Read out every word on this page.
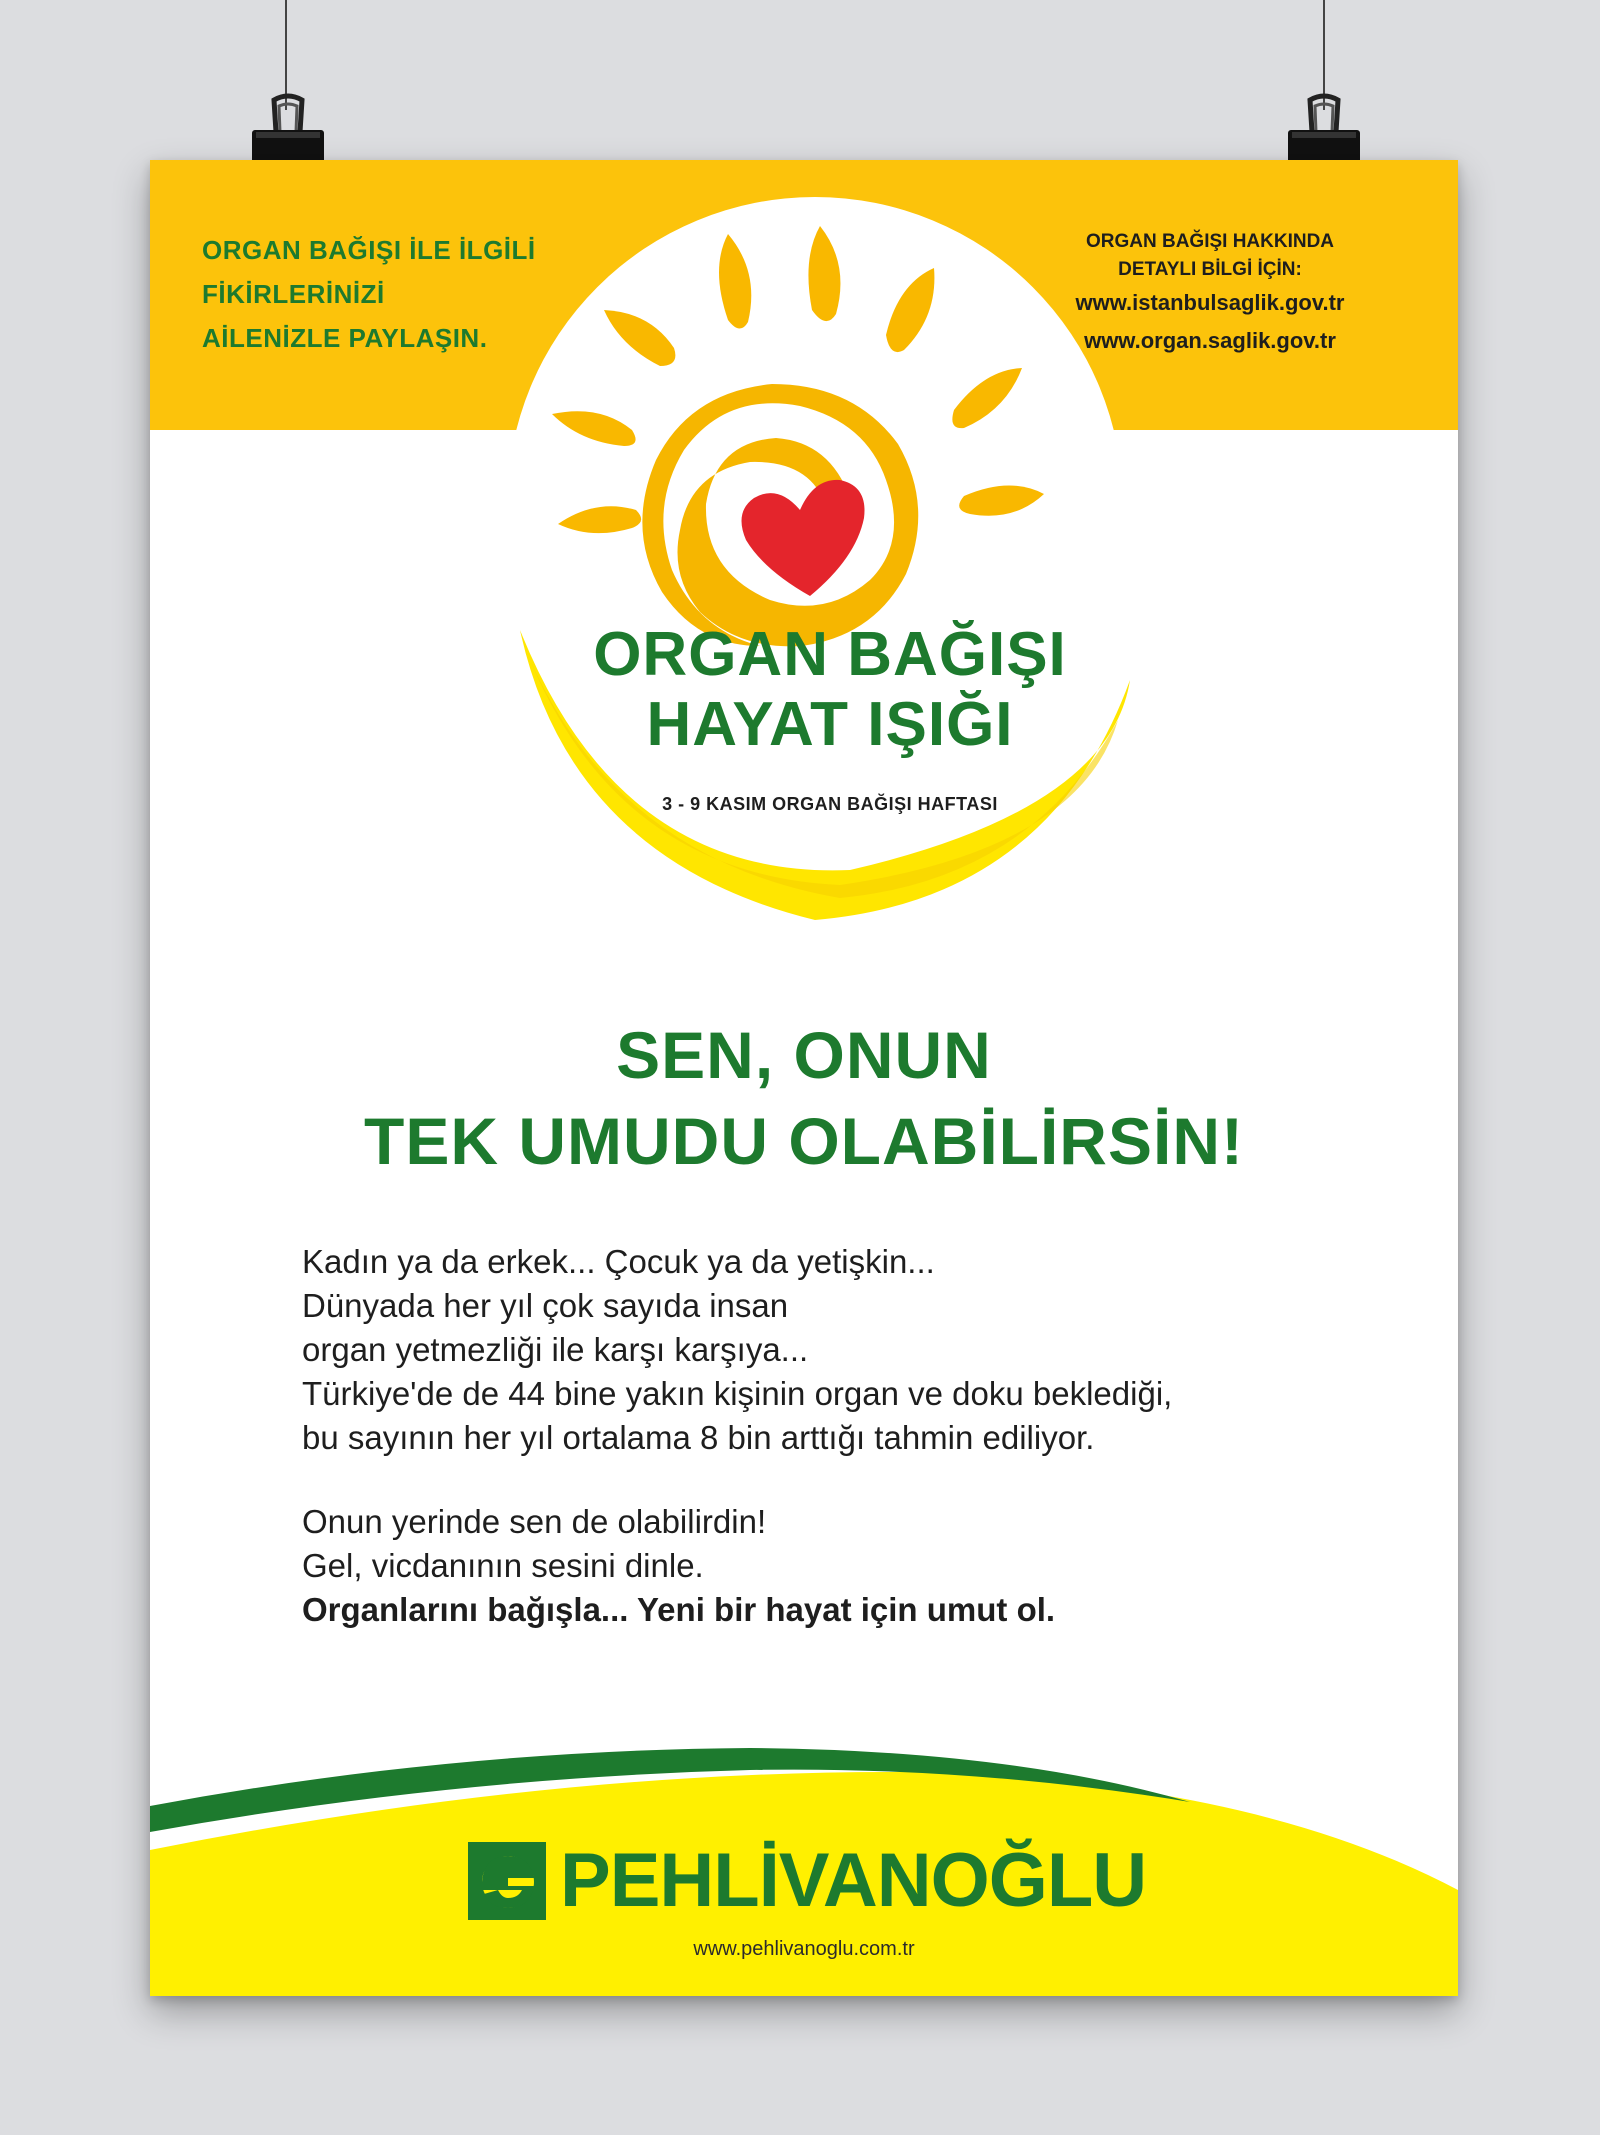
ORGAN BAĞIŞI İLE İLGİLİ
FİKİRLERİNİZİ
AİLENİZLE PAYLAŞIN.
ORGAN BAĞIŞI HAKKINDA
DETAYLI BİLGİ İÇİN:
www.istanbulsaglik.gov.tr
www.organ.saglik.gov.tr
ORGAN BAĞIŞI
HAYAT IŞIĞI
3 - 9 KASIM ORGAN BAĞIŞI HAFTASI
SEN, ONUN
TEK UMUDU OLABİLİRSİN!
Kadın ya da erkek... Çocuk ya da yetişkin...
Dünyada her yıl çok sayıda insan
organ yetmezliği ile karşı karşıya...
Türkiye'de de 44 bine yakın kişinin organ ve doku beklediği,
bu sayının her yıl ortalama 8 bin arttığı tahmin ediliyor.
Onun yerinde sen de olabilirdin!
Gel, vicdanının sesini dinle.
Organlarını bağışla... Yeni bir hayat için umut ol.
PEHLİVANOĞLU
www.pehlivanoglu.com.tr
